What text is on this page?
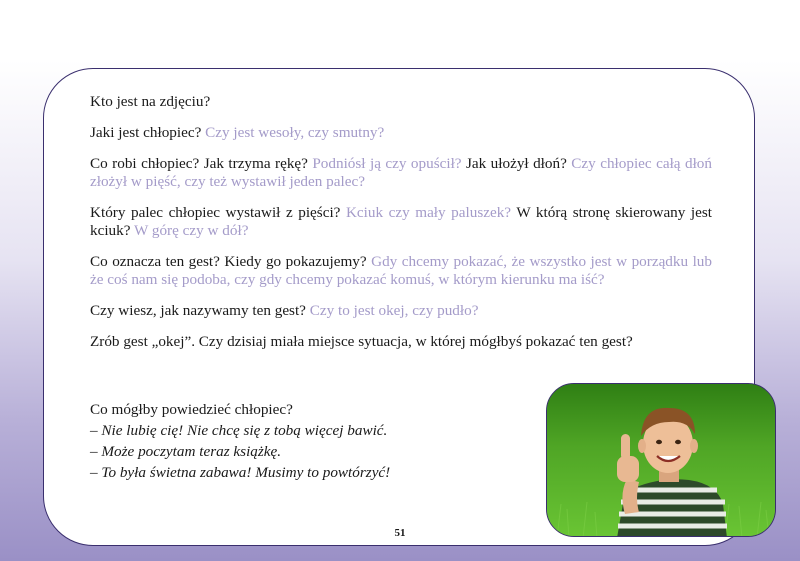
Kto jest na zdjęciu?

Jaki jest chłopiec? Czy jest wesoły, czy smutny?

Co robi chłopiec? Jak trzyma rękę? Podniósł ją czy opuścił? Jak ułożył dłoń? Czy chłopiec całą dłoń złożył w pięść, czy też wystawił jeden palec?

Który palec chłopiec wystawił z pięści? Kciuk czy mały paluszek? W którą stronę skierowany jest kciuk? W górę czy w dół?

Co oznacza ten gest? Kiedy go pokazujemy? Gdy chcemy pokazać, że wszystko jest w porządku lub że coś nam się podoba, czy gdy chcemy pokazać komuś, w którym kierunku ma iść?

Czy wiesz, jak nazywamy ten gest? Czy to jest okej, czy pudło?

Zrób gest „okej”. Czy dzisiaj miała miejsce sytuacja, w której mógłbyś pokazać ten gest?

Co mógłby powiedzieć chłopiec?
– Nie lubię cię! Nie chcę się z tobą więcej bawić.
– Może poczytam teraz książkę.
– To była świetna zabawa! Musimy to powtórzyć!
51
